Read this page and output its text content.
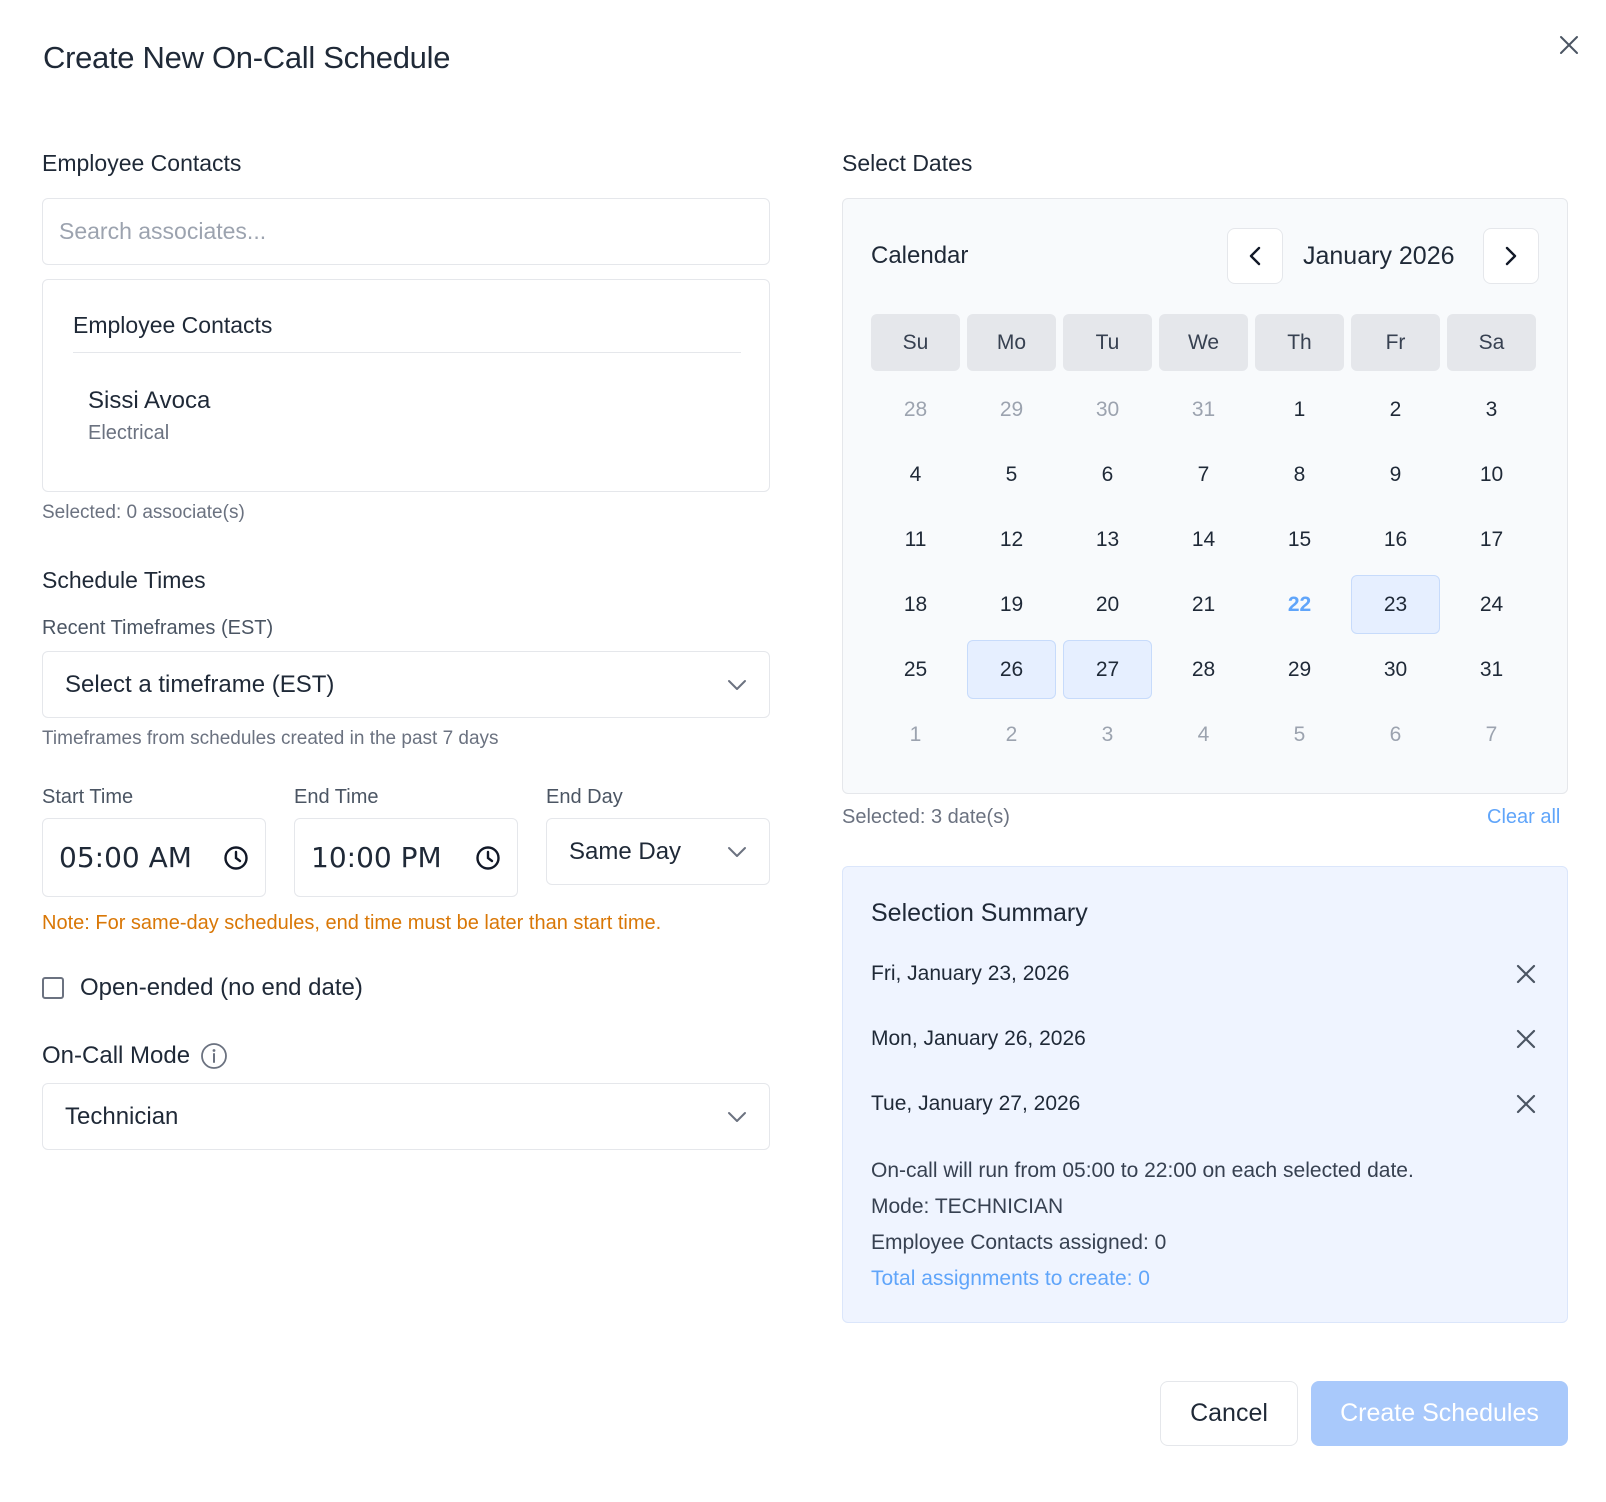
Create New On-Call Schedule
Employee Contacts
Search associates...
Employee Contacts
Sissi Avoca
Electrical
Selected: 0 associate(s)
Schedule Times
Recent Timeframes (EST)
Select a timeframe (EST)
Timeframes from schedules created in the past 7 days
Start Time	End Time	End Day
05:00 AM	10:00 PM	Same Day
Note: For same-day schedules, end time must be later than start time.
Open-ended (no end date)
On-Call Mode
Technician
Select Dates
Calendar	January 2026
Su	Mo	Tu	We	Th	Fr	Sa
28	29	30	31	1	2	3
4	5	6	7	8	9	10
11	12	13	14	15	16	17
18	19	20	21	22	23	24
25	26	27	28	29	30	31
1	2	3	4	5	6	7
Selected: 3 date(s)	Clear all
Selection Summary
Fri, January 23, 2026
Mon, January 26, 2026
Tue, January 27, 2026
On-call will run from 05:00 to 22:00 on each selected date.
Mode: TECHNICIAN
Employee Contacts assigned: 0
Total assignments to create: 0
Cancel	Create Schedules
